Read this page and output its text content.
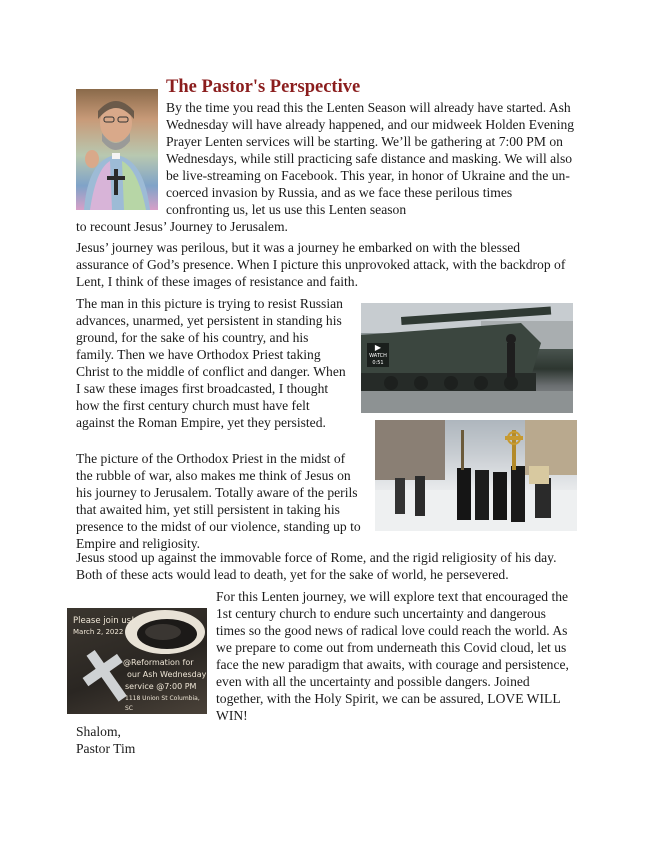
The Pastor's Perspective

By the time you read this the Lenten Season will already have started. Ash Wednesday will have already happened, and our midweek Holden Evening Prayer Lenten services will be starting. We’ll be gathering at 7:00 PM on Wednesdays, while still practicing safe distance and masking. We will also be live-streaming on Facebook. This year, in honor of Ukraine and the un-coerced invasion by Russia, and as we face these perilous times confronting us, let us use this Lenten season

to recount Jesus’ Journey to Jerusalem.

Jesus’ journey was perilous, but it was a journey he embarked on with the blessed assurance of God’s presence. When I picture this unprovoked attack, with the backdrop of Lent, I think of these images of resistance and faith.

The man in this picture is trying to resist Russian advances, unarmed, yet persistent in standing his ground, for the sake of his country, and his family. Then we have Orthodox Priest taking Christ to the middle of conflict and danger. When I saw these images first broadcasted, I thought how the first century church must have felt against the Roman Empire, yet they persisted.

▶
WATCH
0:51

The picture of the Orthodox Priest in the midst of the rubble of war, also makes me think of Jesus on his journey to Jerusalem. Totally aware of the perils that awaited him, yet still persistent in taking his presence to the midst of our violence, standing up to Empire and religiosity.

Jesus stood up against the immovable force of Rome, and the rigid religiosity of his day. Both of these acts would lead to death, yet for the sake of world, he persevered.

Please join us!
March 2, 2022
@Reformation for
our Ash Wednesday
service @7:00 PM
1118 Union St Columbia, SC

For this Lenten journey, we will explore text that encouraged the 1st century church to endure such uncertainty and dangerous times so the good news of radical love could reach the world. As we prepare to come out from underneath this Covid cloud, let us face the new paradigm that awaits, with courage and persistence, even with all the uncertainty and possible dangers. Joined together, with the Holy Spirit, we can be assured, LOVE WILL WIN!

Shalom,

Pastor Tim
